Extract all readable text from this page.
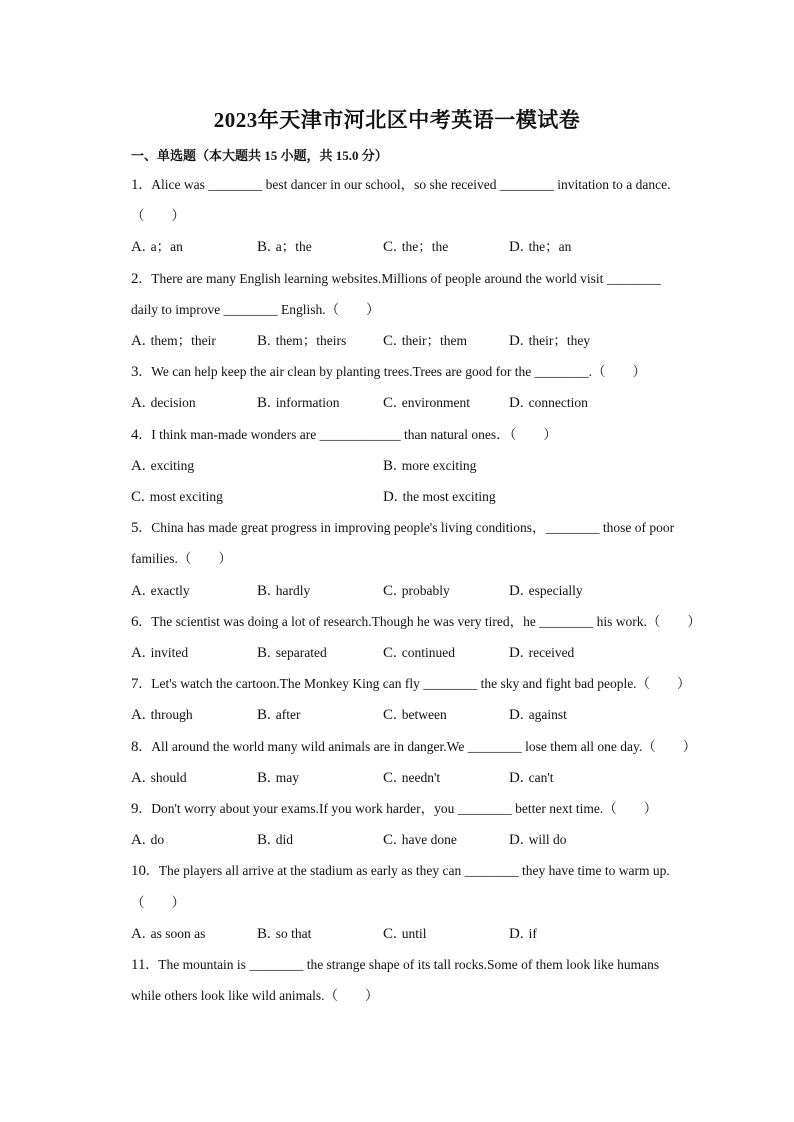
2023年天津市河北区中考英语一模试卷
一、单选题（本大题共 15 小题，共 15.0 分）
1. Alice was ________ best dancer in our school，so she received ________ invitation to a dance.
（　　）
A. a；an	B. a；the	C. the；the	D. the；an
2. There are many English learning websites.Millions of people around the world visit ________
daily to improve ________ English.（　　）
A. them；their	B. them；theirs C. their；them	D. their；they
3. We can help keep the air clean by planting trees.Trees are good for the ________.（　　）
A. decision	B. information	C. environment	D. connection
4. I think man-made wonders are ____________ than natural ones．（　　）
A. exciting	B. more exciting
C. most exciting	D. the most exciting
5. China has made great progress in improving people's living conditions，________ those of poor
families.（　　）
A. exactly	B. hardly	C. probably	D. especially
6. The scientist was doing a lot of research.Though he was very tired，he ________ his work.（　　）
A. invited	B. separated	C. continued	D. received
7. Let's watch the cartoon.The Monkey King can fly ________ the sky and fight bad people.（　　）
A. through	B. after	C. between	D. against
8. All around the world many wild animals are in danger.We ________ lose them all one day.（　　）
A. should	B. may	C. needn't	D. can't
9. Don't worry about your exams.If you work harder，you ________ better next time.（　　）
A. do	B. did	C. have done	D. will do
10. The players all arrive at the stadium as early as they can ________ they have time to warm up.
（　　）
A. as soon as	B. so that	C. until	D. if
11. The mountain is ________ the strange shape of its tall rocks.Some of them look like humans
while others look like wild animals.（　　）
